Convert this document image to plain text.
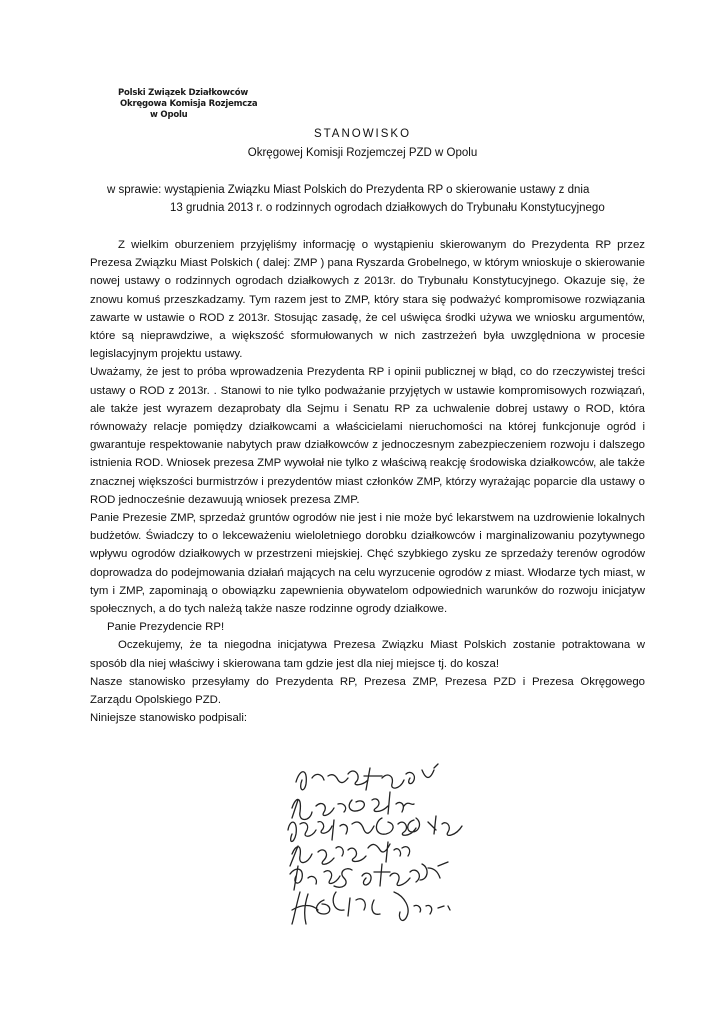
Polski Związek Działkowców
Okręgowa Komisja Rozjemcza
w Opolu
STANOWISKO
Okręgowej Komisji Rozjemczej PZD w Opolu
w sprawie: wystąpienia Związku Miast Polskich do Prezydenta RP o skierowanie ustawy z dnia
13 grudnia 2013 r. o rodzinnych ogrodach działkowych do Trybunału Konstytucyjnego

Z wielkim oburzeniem przyjęliśmy informację o wystąpieniu skierowanym do Prezydenta RP przez Prezesa Związku Miast Polskich ( dalej: ZMP ) pana Ryszarda Grobelnego, w którym wnioskuje o skierowanie nowej ustawy o rodzinnych ogrodach działkowych z 2013r. do Trybunału Konstytucyjnego. Okazuje się, że znowu komuś przeszkadzamy. Tym razem jest to ZMP, który stara się podważyć kompromisowe rozwiązania zawarte w ustawie o ROD z 2013r. Stosując zasadę, że cel uświęca środki używa we wniosku argumentów, które są nieprawdziwe, a większość sformułowanych w nich zastrzeżeń była uwzględniona w procesie legislacyjnym projektu ustawy.

Uważamy, że jest to próba wprowadzenia Prezydenta RP i opinii publicznej w błąd, co do rzeczywistej treści ustawy o ROD z 2013r. . Stanowi to nie tylko podważanie przyjętych w ustawie kompromisowych rozwiązań, ale także jest wyrazem dezaprobaty dla Sejmu i Senatu RP za uchwalenie dobrej ustawy o ROD, która równoważy relacje pomiędzy działkowcami a właścicielami nieruchomości na której funkcjonuje ogród i gwarantuje respektowanie nabytych praw działkowców z jednoczesnym zabezpieczeniem rozwoju i dalszego istnienia ROD. Wniosek prezesa ZMP wywołał nie tylko z właściwą reakcję środowiska działkowców, ale także znacznej większości burmistrzów i prezydentów miast członków ZMP, którzy wyrażając poparcie dla ustawy o ROD jednocześnie dezawuują wniosek prezesa ZMP.

Panie Prezesie ZMP, sprzedaż gruntów ogrodów nie jest i nie może być lekarstwem na uzdrowienie lokalnych budżetów. Świadczy to o lekceważeniu wieloletniego dorobku działkowców i marginalizowaniu pozytywnego wpływu ogrodów działkowych w przestrzeni miejskiej. Chęć szybkiego zysku ze sprzedaży terenów ogrodów doprowadza do podejmowania działań mających na celu wyrzucenie ogrodów z miast. Włodarze tych miast, w tym i ZMP, zapominają o obowiązku zapewnienia obywatelom odpowiednich warunków do rozwoju inicjatyw społecznych, a do tych należą także nasze rodzinne ogrody działkowe.

Panie Prezydencie RP!

Oczekujemy, że ta niegodna inicjatywa Prezesa Związku Miast Polskich zostanie potraktowana w sposób dla niej właściwy i skierowana tam gdzie jest dla niej miejsce tj. do kosza!

Nasze stanowisko przesyłamy do Prezydenta RP, Prezesa ZMP, Prezesa PZD i Prezesa Okręgowego Zarządu Opolskiego PZD.

Niniejsze stanowisko podpisali:
